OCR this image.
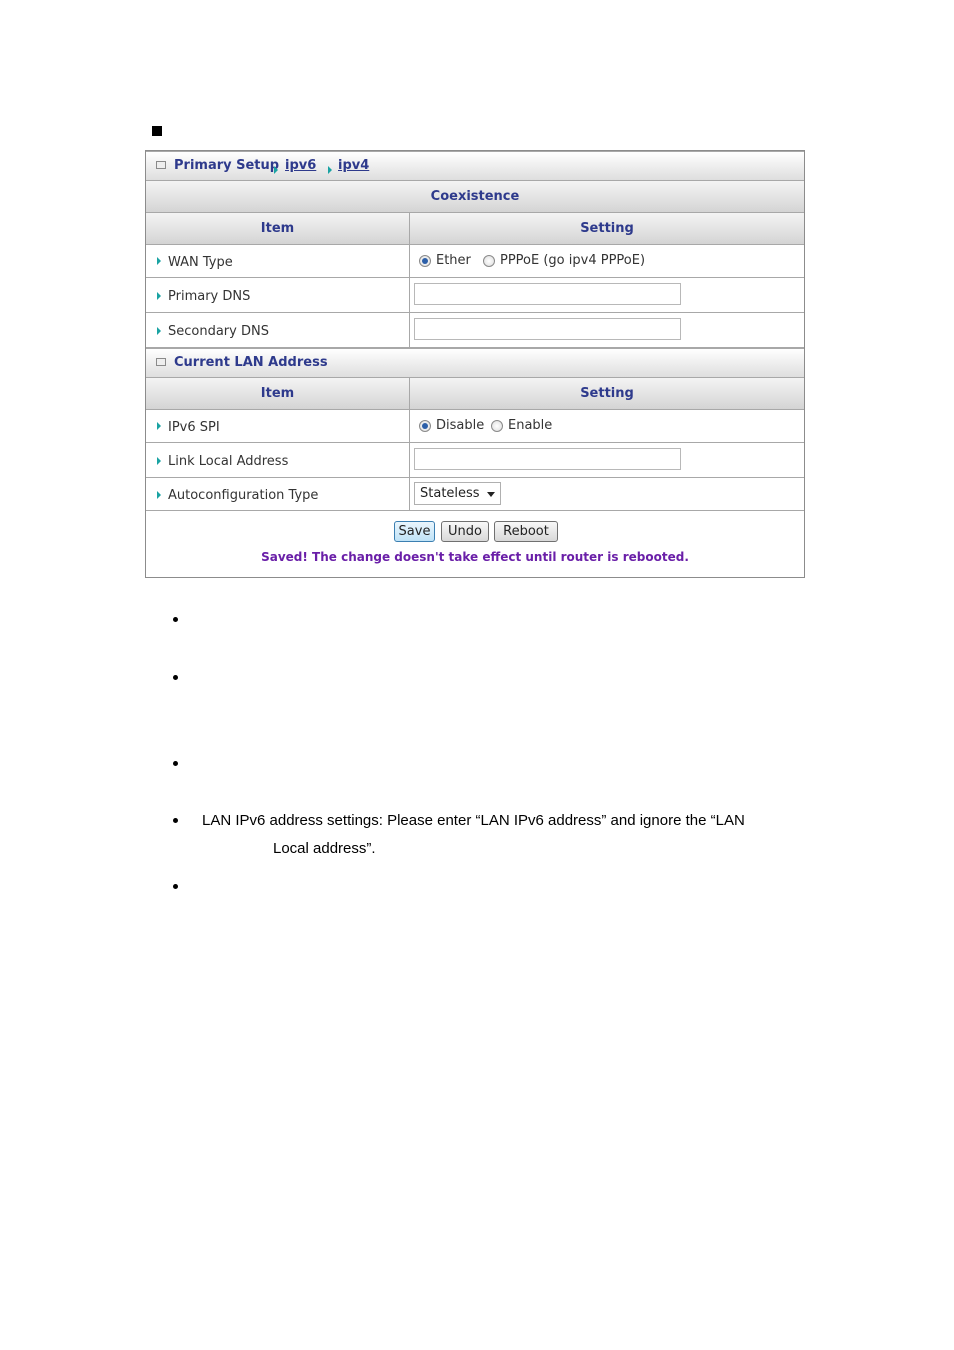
Primary Setup ipv6 ipv4
Coexistence
Item	Setting
WAN Type	Ether PPPoE (go ipv4 PPPoE)
Primary DNS
Secondary DNS
Current LAN Address
Item	Setting
IPv6 SPI	Disable Enable
Link Local Address
Autoconfiguration Type	Stateless
Save	Undo	Reboot
Saved! The change doesn't take effect until router is rebooted.
LAN IPv6 address settings: Please enter “LAN IPv6 address” and ignore the “LAN
Local address”.
